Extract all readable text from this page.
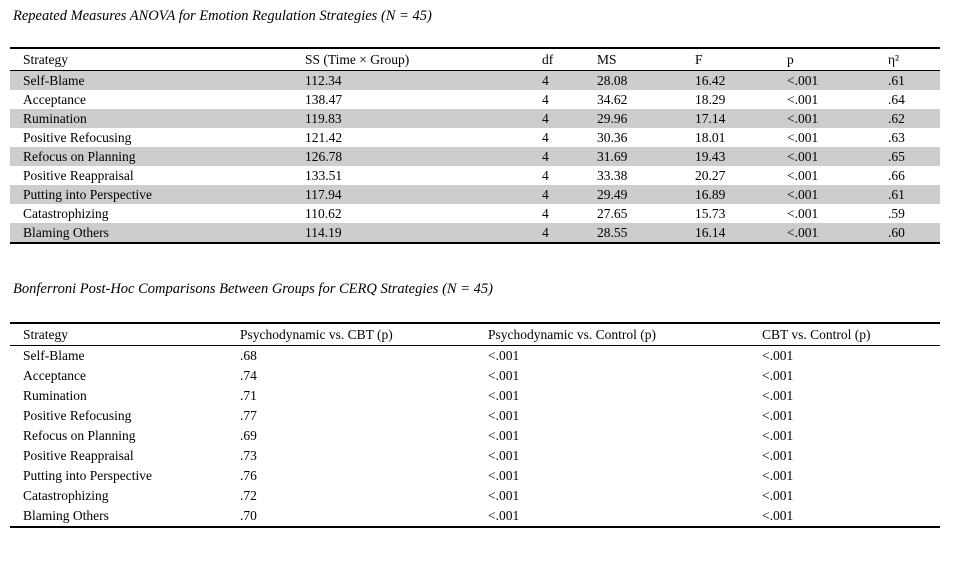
Repeated Measures ANOVA for Emotion Regulation Strategies (N = 45)
Strategy	SS (Time × Group)	df	MS	F	p	η²
Self-Blame	112.34	4	28.08	16.42	<.001	.61
Acceptance	138.47	4	34.62	18.29	<.001	.64
Rumination	119.83	4	29.96	17.14	<.001	.62
Positive Refocusing	121.42	4	30.36	18.01	<.001	.63
Refocus on Planning	126.78	4	31.69	19.43	<.001	.65
Positive Reappraisal	133.51	4	33.38	20.27	<.001	.66
Putting into Perspective	117.94	4	29.49	16.89	<.001	.61
Catastrophizing	110.62	4	27.65	15.73	<.001	.59
Blaming Others	114.19	4	28.55	16.14	<.001	.60
Bonferroni Post-Hoc Comparisons Between Groups for CERQ Strategies (N = 45)
Strategy	Psychodynamic vs. CBT (p)	Psychodynamic vs. Control (p)	CBT vs. Control (p)
Self-Blame	.68	<.001	<.001
Acceptance	.74	<.001	<.001
Rumination	.71	<.001	<.001
Positive Refocusing	.77	<.001	<.001
Refocus on Planning	.69	<.001	<.001
Positive Reappraisal	.73	<.001	<.001
Putting into Perspective	.76	<.001	<.001
Catastrophizing	.72	<.001	<.001
Blaming Others	.70	<.001	<.001
